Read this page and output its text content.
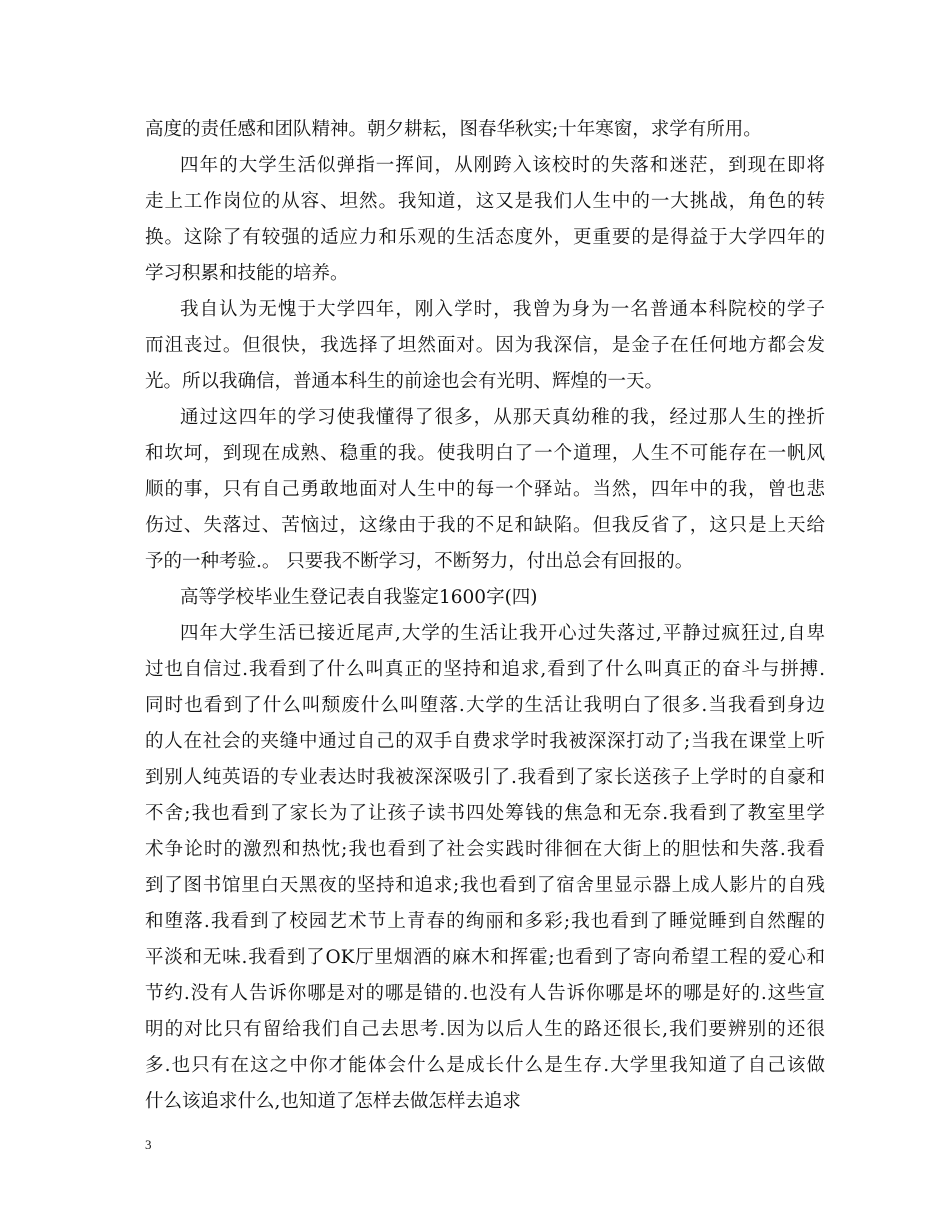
高度的责任感和团队精神。朝夕耕耘，图春华秋实;十年寒窗，求学有所用。
四年的大学生活似弹指一挥间，从刚跨入该校时的失落和迷茫，到现在即将
走上工作岗位的从容、坦然。我知道，这又是我们人生中的一大挑战，角色的转
换。这除了有较强的适应力和乐观的生活态度外，更重要的是得益于大学四年的
学习积累和技能的培养。
我自认为无愧于大学四年，刚入学时，我曾为身为一名普通本科院校的学子
而沮丧过。但很快，我选择了坦然面对。因为我深信，是金子在任何地方都会发
光。所以我确信，普通本科生的前途也会有光明、辉煌的一天。
通过这四年的学习使我懂得了很多，从那天真幼稚的我，经过那人生的挫折
和坎坷，到现在成熟、稳重的我。使我明白了一个道理，人生不可能存在一帆风
顺的事，只有自己勇敢地面对人生中的每一个驿站。当然，四年中的我，曾也悲
伤过、失落过、苦恼过，这缘由于我的不足和缺陷。但我反省了，这只是上天给
予的一种考验.。 只要我不断学习，不断努力，付出总会有回报的。
高等学校毕业生登记表自我鉴定1600字(四)
四年大学生活已接近尾声,大学的生活让我开心过失落过,平静过疯狂过,自卑
过也自信过.我看到了什么叫真正的坚持和追求,看到了什么叫真正的奋斗与拼搏.
同时也看到了什么叫颓废什么叫堕落.大学的生活让我明白了很多.当我看到身边
的人在社会的夹缝中通过自己的双手自费求学时我被深深打动了;当我在课堂上听
到别人纯英语的专业表达时我被深深吸引了.我看到了家长送孩子上学时的自豪和
不舍;我也看到了家长为了让孩子读书四处筹钱的焦急和无奈.我看到了教室里学
术争论时的激烈和热忱;我也看到了社会实践时徘徊在大街上的胆怯和失落.我看
到了图书馆里白天黑夜的坚持和追求;我也看到了宿舍里显示器上成人影片的自残
和堕落.我看到了校园艺术节上青春的绚丽和多彩;我也看到了睡觉睡到自然醒的
平淡和无味.我看到了OK厅里烟酒的麻木和挥霍;也看到了寄向希望工程的爱心和
节约.没有人告诉你哪是对的哪是错的.也没有人告诉你哪是坏的哪是好的.这些宣
明的对比只有留给我们自己去思考.因为以后人生的路还很长,我们要辨别的还很
多.也只有在这之中你才能体会什么是成长什么是生存.大学里我知道了自己该做
什么该追求什么,也知道了怎样去做怎样去追求
3
